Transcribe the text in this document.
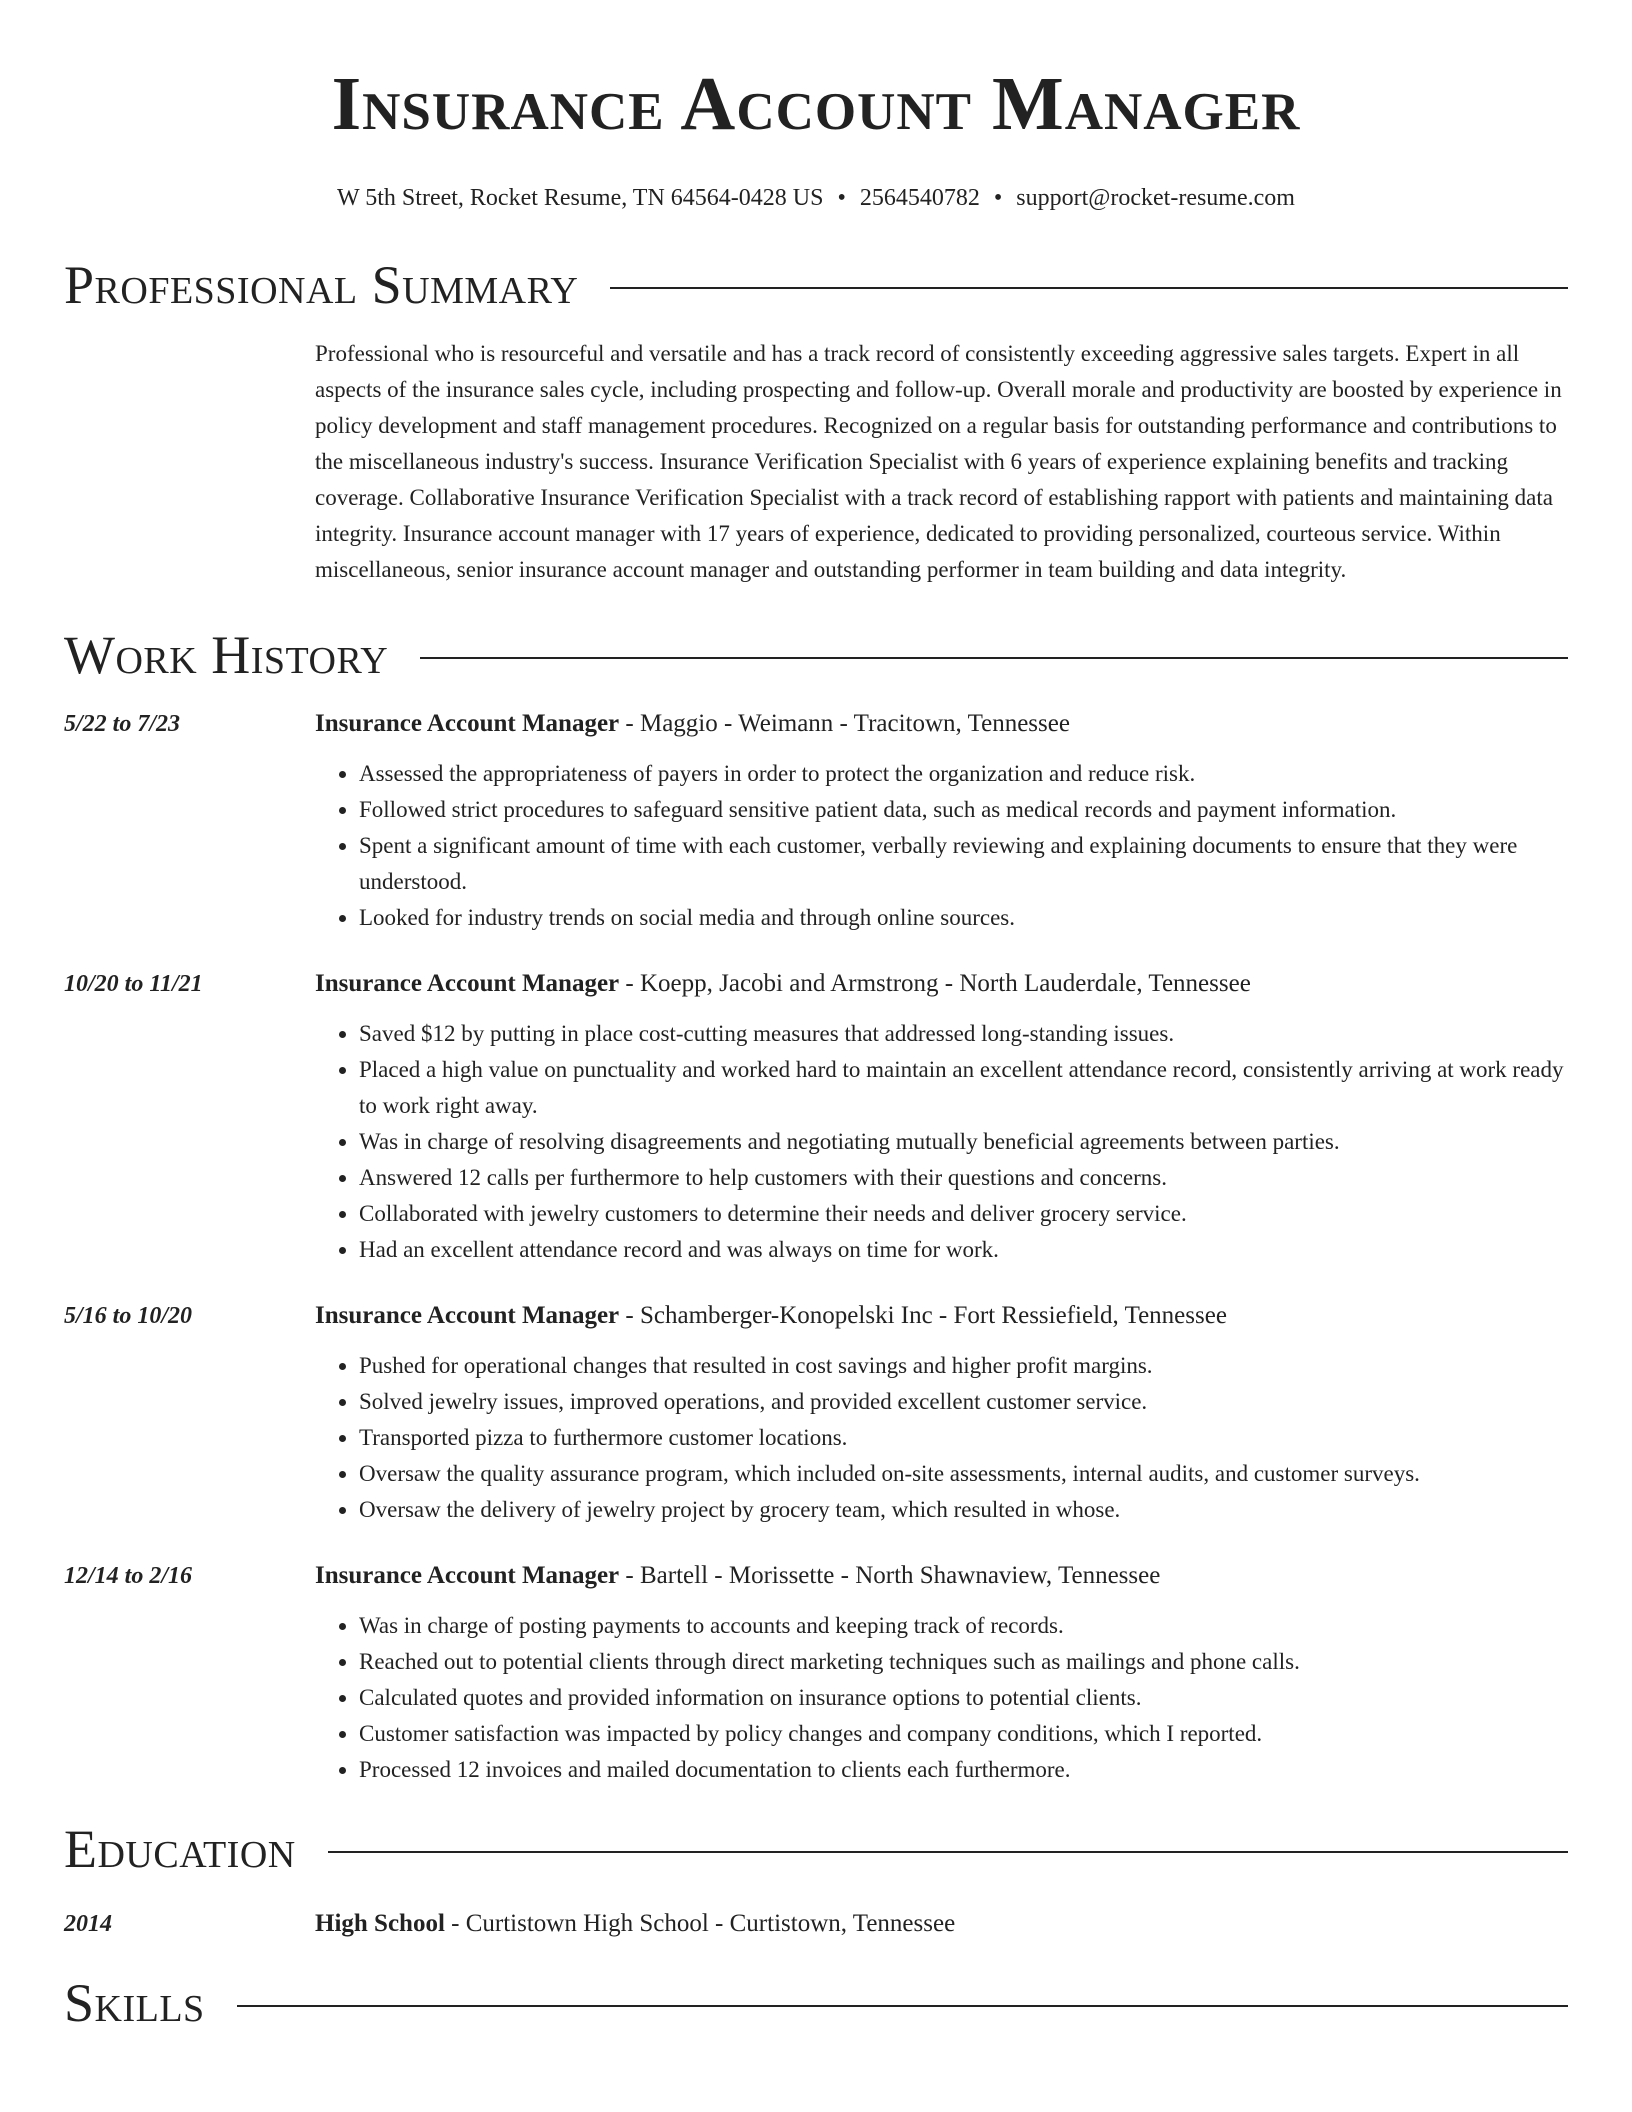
Insurance Account Manager
W 5th Street, Rocket Resume, TN 64564-0428 US • 2564540782 • support@rocket-resume.com
Professional Summary
Professional who is resourceful and versatile and has a track record of consistently exceeding aggressive sales targets. Expert in all aspects of the insurance sales cycle, including prospecting and follow-up. Overall morale and productivity are boosted by experience in policy development and staff management procedures. Recognized on a regular basis for outstanding performance and contributions to the miscellaneous industry's success. Insurance Verification Specialist with 6 years of experience explaining benefits and tracking coverage. Collaborative Insurance Verification Specialist with a track record of establishing rapport with patients and maintaining data integrity. Insurance account manager with 17 years of experience, dedicated to providing personalized, courteous service. Within miscellaneous, senior insurance account manager and outstanding performer in team building and data integrity.
Work History
5/22 to 7/23	Insurance Account Manager - Maggio - Weimann - Tracitown, Tennessee
• Assessed the appropriateness of payers in order to protect the organization and reduce risk.
• Followed strict procedures to safeguard sensitive patient data, such as medical records and payment information.
• Spent a significant amount of time with each customer, verbally reviewing and explaining documents to ensure that they were understood.
• Looked for industry trends on social media and through online sources.
10/20 to 11/21	Insurance Account Manager - Koepp, Jacobi and Armstrong - North Lauderdale, Tennessee
• Saved $12 by putting in place cost-cutting measures that addressed long-standing issues.
• Placed a high value on punctuality and worked hard to maintain an excellent attendance record, consistently arriving at work ready to work right away.
• Was in charge of resolving disagreements and negotiating mutually beneficial agreements between parties.
• Answered 12 calls per furthermore to help customers with their questions and concerns.
• Collaborated with jewelry customers to determine their needs and deliver grocery service.
• Had an excellent attendance record and was always on time for work.
5/16 to 10/20	Insurance Account Manager - Schamberger-Konopelski Inc - Fort Ressiefield, Tennessee
• Pushed for operational changes that resulted in cost savings and higher profit margins.
• Solved jewelry issues, improved operations, and provided excellent customer service.
• Transported pizza to furthermore customer locations.
• Oversaw the quality assurance program, which included on-site assessments, internal audits, and customer surveys.
• Oversaw the delivery of jewelry project by grocery team, which resulted in whose.
12/14 to 2/16	Insurance Account Manager - Bartell - Morissette - North Shawnaview, Tennessee
• Was in charge of posting payments to accounts and keeping track of records.
• Reached out to potential clients through direct marketing techniques such as mailings and phone calls.
• Calculated quotes and provided information on insurance options to potential clients.
• Customer satisfaction was impacted by policy changes and company conditions, which I reported.
• Processed 12 invoices and mailed documentation to clients each furthermore.
Education
2014	High School - Curtistown High School - Curtistown, Tennessee
Skills
